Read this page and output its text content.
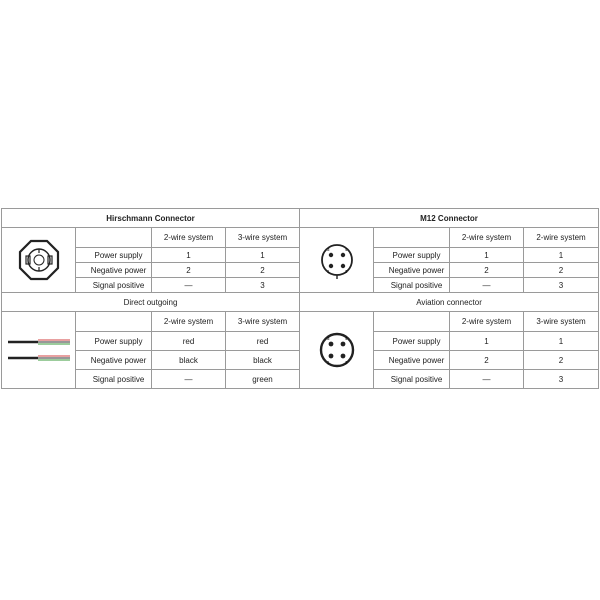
Hirschmann Connector			

		2-wire system	3-wire system
	Power supply	1	1
	Negative power	2	2
	Signal positive	—	3
Direct outgoing			

		2-wire system	3-wire system
	Power supply	red	red
	Negative power	black	black
	Signal positive	—	green
M12 Connector			

3 4
1 2		2-wire system	2-wire system
	Power supply	1	1
	Negative power	2	2
	Signal positive	—	3
Aviation connector			

3 4
1 2		2-wire system	3-wire system
	Power supply	1	1
	Negative power	2	2
	Signal positive	—	3
